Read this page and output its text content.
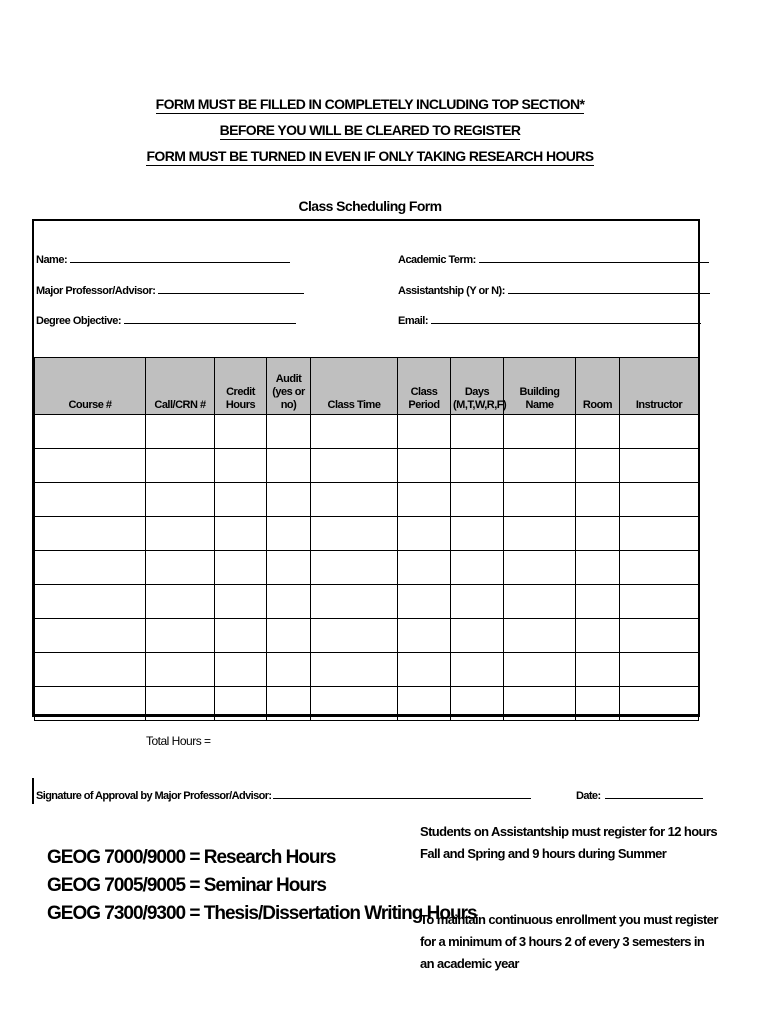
FORM MUST BE FILLED IN COMPLETELY INCLUDING TOP SECTION*
BEFORE YOU WILL BE CLEARED TO REGISTER
FORM MUST BE TURNED IN EVEN IF ONLY TAKING RESEARCH HOURS
Class Scheduling Form
Name:	Academic Term:
Major Professor/Advisor:	Assistantship (Y or N):
Degree Objective:	Email:
Course #	Call/CRN #	Credit Hours	Audit (yes or no)	Class Time	Class Period	Days (M,T,W,R,F)	Building Name	Room	Instructor

Total Hours =
Signature of Approval by Major Professor/Advisor:	Date:
GEOG 7000/9000 = Research Hours
GEOG 7005/9005 = Seminar Hours
GEOG 7300/9300 = Thesis/Dissertation Writing Hours
Students on Assistantship must register for 12 hours Fall and Spring and 9 hours during Summer
To maintain continuous enrollment you must register for a minimum of 3 hours 2 of every 3 semesters in an academic year
